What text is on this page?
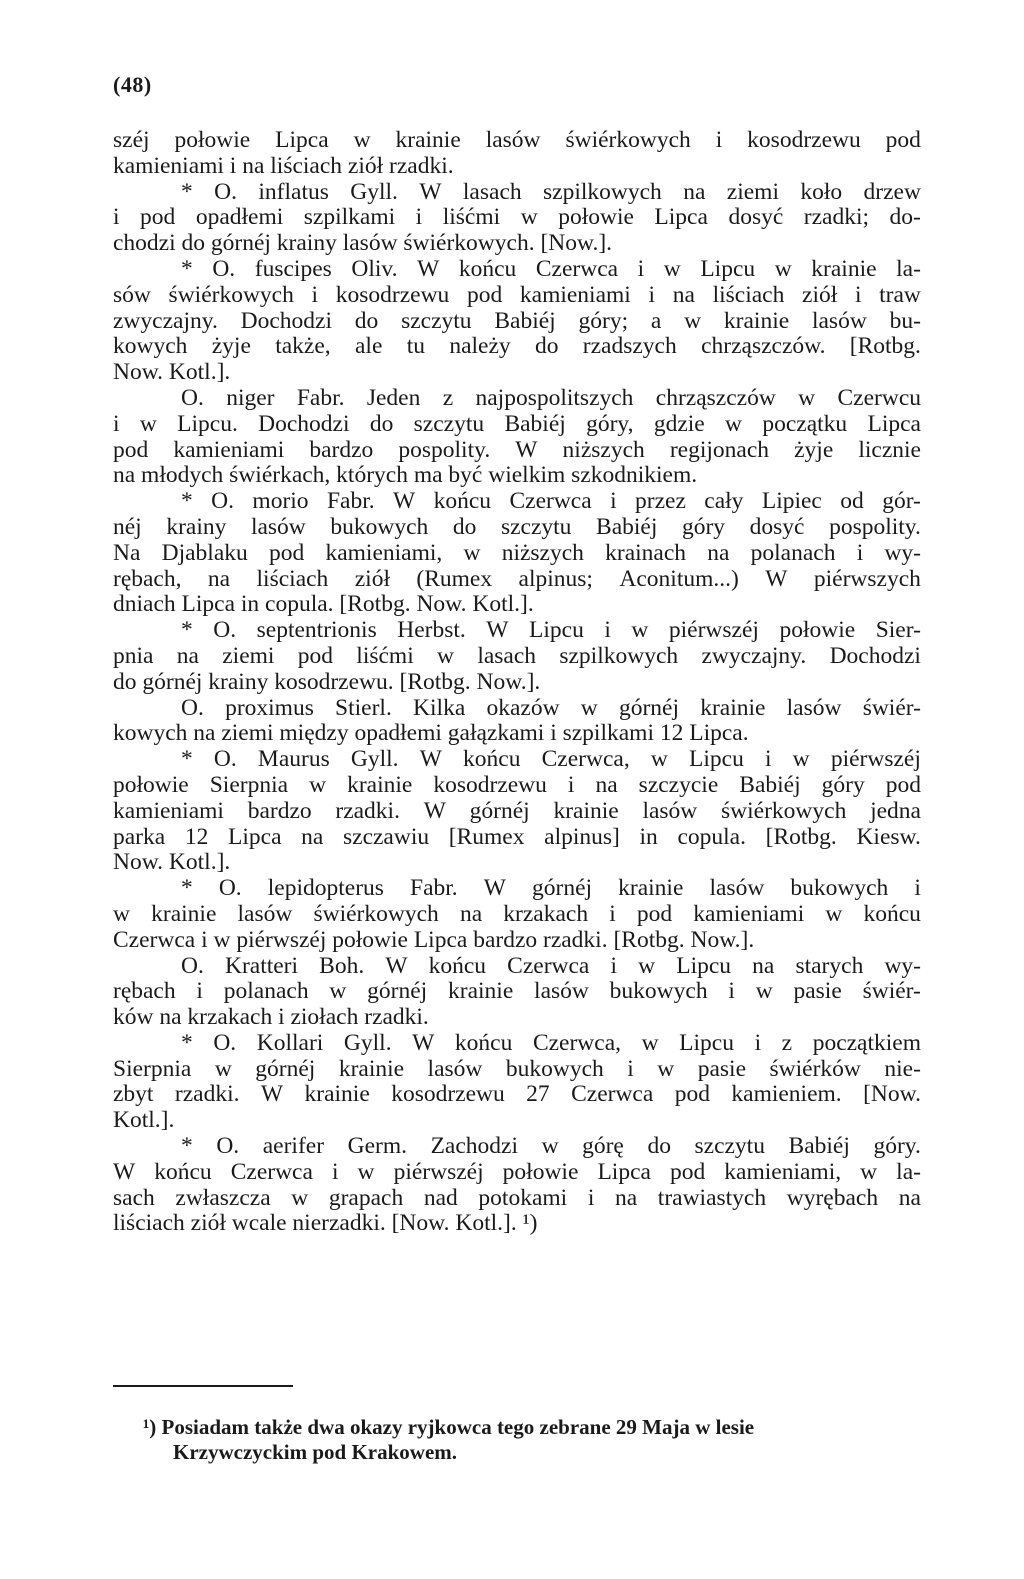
(48)
széj połowie Lipca w krainie lasów świérkowych i kosodrzewu pod
kamieniami i na liściach ziół rzadki.
* O. inflatus Gyll. W lasach szpilkowych na ziemi koło drzew
i pod opadłemi szpilkami i liśćmi w połowie Lipca dosyć rzadki; do-
chodzi do górnéj krainy lasów świérkowych. [Now.].
* O. fuscipes Oliv. W końcu Czerwca i w Lipcu w krainie la-
sów świérkowych i kosodrzewu pod kamieniami i na liściach ziół i traw
zwyczajny. Dochodzi do szczytu Babiéj góry; a w krainie lasów bu-
kowych żyje także, ale tu należy do rzadszych chrząszczów. [Rotbg.
Now. Kotl.].
O. niger Fabr. Jeden z najpospolitszych chrząszczów w Czerwcu
i w Lipcu. Dochodzi do szczytu Babiéj góry, gdzie w początku Lipca
pod kamieniami bardzo pospolity. W niższych regijonach żyje licznie
na młodych świérkach, których ma być wielkim szkodnikiem.
* O. morio Fabr. W końcu Czerwca i przez cały Lipiec od gór-
néj krainy lasów bukowych do szczytu Babiéj góry dosyć pospolity.
Na Djablaku pod kamieniami, w niższych krainach na polanach i wy-
rębach, na liściach ziół (Rumex alpinus; Aconitum...) W piérwszych
dniach Lipca in copula. [Rotbg. Now. Kotl.].
* O. septentrionis Herbst. W Lipcu i w piérwszéj połowie Sier-
pnia na ziemi pod liśćmi w lasach szpilkowych zwyczajny. Dochodzi
do górnéj krainy kosodrzewu. [Rotbg. Now.].
O. proximus Stierl. Kilka okazów w górnéj krainie lasów świér-
kowych na ziemi między opadłemi gałązkami i szpilkami 12 Lipca.
* O. Maurus Gyll. W końcu Czerwca, w Lipcu i w piérwszéj
połowie Sierpnia w krainie kosodrzewu i na szczycie Babiéj góry pod
kamieniami bardzo rzadki. W górnéj krainie lasów świérkowych jedna
parka 12 Lipca na szczawiu [Rumex alpinus] in copula. [Rotbg. Kiesw.
Now. Kotl.].
* O. lepidopterus Fabr. W górnéj krainie lasów bukowych i
w krainie lasów świérkowych na krzakach i pod kamieniami w końcu
Czerwca i w piérwszéj połowie Lipca bardzo rzadki. [Rotbg. Now.].
O. Kratteri Boh. W końcu Czerwca i w Lipcu na starych wy-
rębach i polanach w górnéj krainie lasów bukowych i w pasie świér-
ków na krzakach i ziołach rzadki.
* O. Kollari Gyll. W końcu Czerwca, w Lipcu i z początkiem
Sierpnia w górnéj krainie lasów bukowych i w pasie świérków nie-
zbyt rzadki. W krainie kosodrzewu 27 Czerwca pod kamieniem. [Now.
Kotl.].
* O. aerifer Germ. Zachodzi w górę do szczytu Babiéj góry.
W końcu Czerwca i w piérwszéj połowie Lipca pod kamieniami, w la-
sach zwłaszcza w grapach nad potokami i na trawiastych wyrębach na
liściach ziół wcale nierzadki. [Now. Kotl.]. ¹)
¹) Posiadam także dwa okazy ryjkowca tego zebrane 29 Maja w lesie
Krzywczyckim pod Krakowem.
